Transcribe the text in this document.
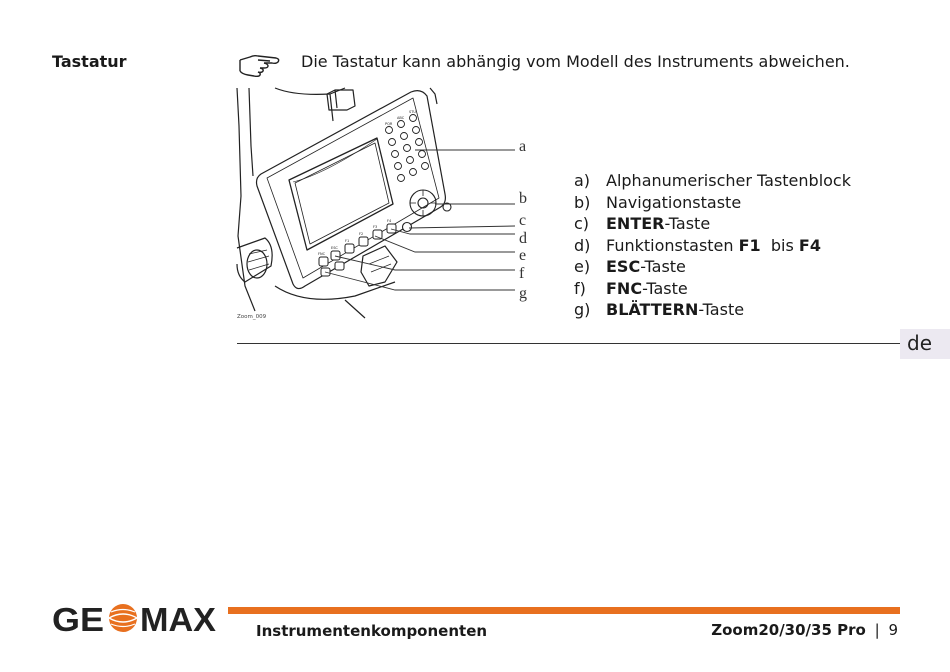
Tastatur	Die Tastatur kann abhängig vom Modell des Instruments abweichen.
PQR
ABC
STU
F1
F2
F3
F4
ESC
FNC
a
b
c
d
e
f
g
Zoom_009
a) Alphanumerischer Tastenblock
b) Navigationstaste
c)	ENTER -Taste
d) Funktionstasten F1 bis F4
e) ESC -Taste
f)	FNC -Taste
g) BLÄTTERN -Taste
de
GE MAX	Instrumentenkomponenten	Zoom20/30/35 Pro | 9
